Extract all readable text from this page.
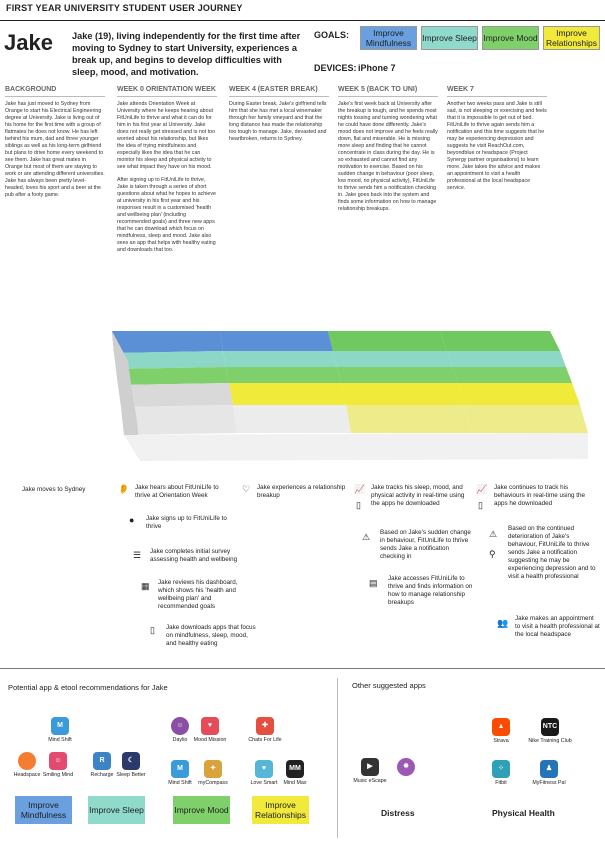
FIRST YEAR UNIVERSITY STUDENT USER JOURNEY
Jake Jake (19), living independently for the first time after moving to Sydney to start University, experiences a break up, and begins to develop difficulties with sleep, mood, and motivation.
GOALS:	Improve Mindfulness	Improve Sleep Improve Mood	Improve Relationships
DEVICES: iPhone 7
BACKGROUND

Jake has just moved to Sydney from Orange to start his Electrical Engineering degree at University. Jake is living out of his home for the first time with a group of flatmates he does not know. He has left behind his mum, dad and three younger siblings as well as his long-term girlfriend but plans to drive home every weekend to see them. Jake has great mates in Orange but most of them are staying to work or are attending different universities. Jake has always been pretty level-headed, loves his sport and a beer at the pub after a footy game.

WEEK 0 ORIENTATION WEEK

Jake attends Orientation Week at University where he keeps hearing about FitUniLife to thrive and what it can do for him in his first year at University. Jake does not really get stressed and is not too worried about his relationship, but likes the idea of trying mindfulness and especially likes the idea that he can monitor his sleep and physical activity to see what impact they have on his mood.

After signing up to FitUniLife to thrive, Jake is taken through a series of short questions about what he hopes to achieve at university in his first year and his responses result in a customised 'health and wellbeing plan' (including recommended goals) and three new apps that he can download which focus on mindfulness, sleep and mood. Jake also sees an app that helps with healthy eating and downloads that too.

WEEK 4 (EASTER BREAK)

During Easter break, Jake's girlfriend tells him that she has met a local winemaker through her family vineyard and that the long distance has made the relationship too tough to manage. Jake, devasted and heartbroken, returns to Sydney.

WEEK 5 (BACK TO UNI)

Jake's first week back at University after the breakup is tough, and he spends most nights tossing and turning wondering what he could have done differently. Jake's mood does not improve and he feels really down, flat and miserable. He is missing more sleep and finding that he cannot concentrate in class during the day. He is so exhausted and cannot find any motivation to exercise. Based on his sudden change in behaviour (poor sleep, low mood, no physical activity), FitUniLife to thrive sends him a notification checking in. Jake goes back into the system and finds some information on how to manage relationship breakups.

WEEK 7

Another two weeks pass and Jake is still sad, is not sleeping or exercising and feels that it is impossible to get out of bed. FitUniLife to thrive again sends him a notification and this time suggests that he may be experiencing depression and suggests he visit ReachOut.com, beyondblue or headspace (Project Synergy partner organisations) to learn more. Jake takes the advice and makes an appointment to visit a health professional at the local headspace service.

Jake moves to Sydney	👂 Jake hears about FitUniLife to thrive at Orientation Week
● Jake signs up to FitUniLife to thrive
☰ Jake completes initial survey assessing health and wellbeing
▦ Jake reviews his dashboard, which shows his 'health and wellbeing plan' and recommended goals
▯ Jake downloads apps that focus on mindfulness, sleep, mood, and healthy eating
♡ Jake experiences a relationship breakup
📈
▯
Jake tracks his sleep, mood, and physical activity in real-time using the apps he downloaded
⚠ Based on Jake's sudden change in behaviour, FitUniLife to thrive sends Jake a notification checking in
▤ Jake accesses FitUniLife to thrive and finds information on how to manage relationship breakups
📈
▯
Jake continues to track his behaviours in real-time using the apps he downloaded
⚠
⚲
Based on the continued deterioration of Jake's behaviour, FitUniLife to thrive sends Jake a notification suggesting he may be experiencing depression and to visit a health professional
👥 Jake makes an appointment to visit a health professional at the local headspace
Potential app & etool recommendations for Jake
M
Mind Shift
Headspace
☺
Smiling Mind
R
Recharge
☾
Sleep Better
☺
Daylio
♥
Mood Mission
M
Mind Shift
✦
myCompass
✚
Chats For Life
♥
Love Smart
MM
Mind Max
Improve Mindfulness	Improve Sleep	Improve Mood	Improve Relationships
Other suggested apps
▶
Music eScape
✸
Distress
▲
Strava
NTC
Nike Training Club
⁘
Fitbit
♟
MyFitness Pal
Physical Health
